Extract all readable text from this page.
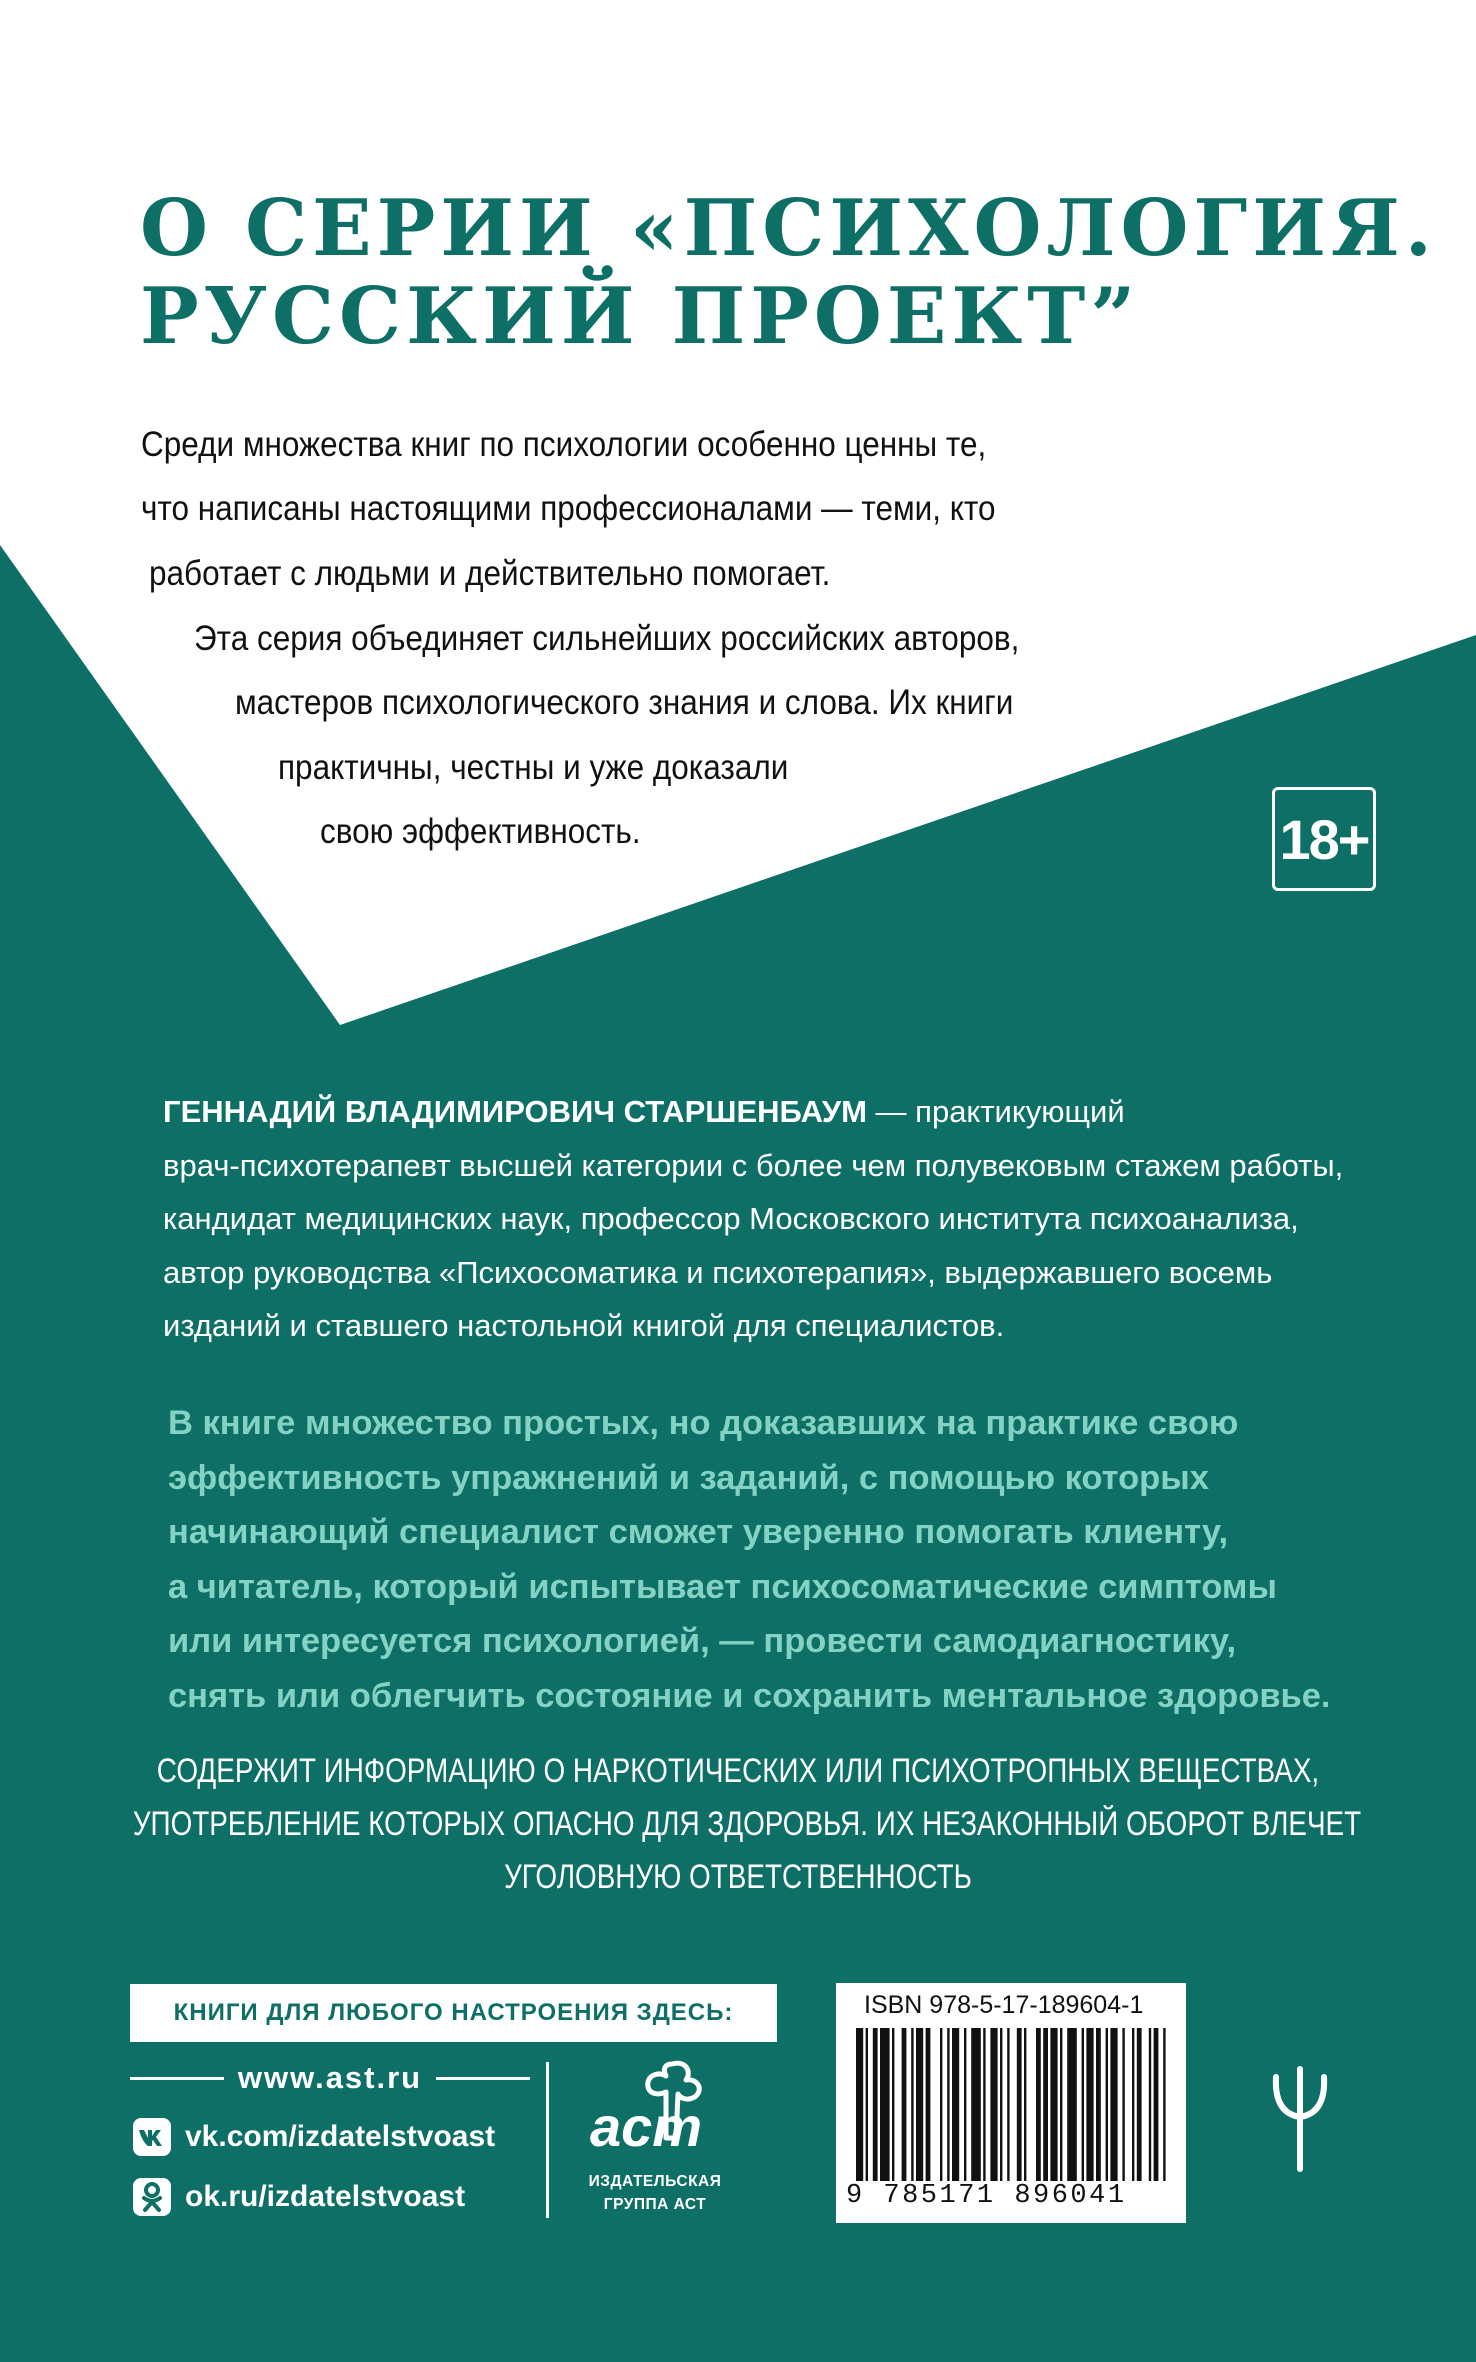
О СЕРИИ «ПСИХОЛОГИЯ.
РУССКИЙ ПРОЕКТ”

Среди множества книг по психологии особенно ценны те,

что написаны настоящими профессионалами — теми, кто

работает с людьми и действительно помогает.

Эта серия объединяет сильнейших российских авторов,

мастеров психологического знания и слова. Их книги

практичны, честны и уже доказали

свою эффективность.	18+

ГЕННАДИЙ ВЛАДИМИРОВИЧ СТАРШЕНБАУМ — практикующий

врач-психотерапевт высшей категории с более чем полувековым стажем работы,

кандидат медицинских наук, профессор Московского института психоанализа,

автор руководства «Психосоматика и психотерапия», выдержавшего восемь

изданий и ставшего настольной книгой для специалистов.

В книге множество простых, но доказавших на практике свою

эффективность упражнений и заданий, с помощью которых

начинающий специалист сможет уверенно помогать клиенту,

а читатель, который испытывает психосоматические симптомы

или интересуется психологией, — провести самодиагностику,

снять или облегчить состояние и сохранить ментальное здоровье.

СОДЕРЖИТ ИНФОРМАЦИЮ О НАРКОТИЧЕСКИХ ИЛИ ПСИХОТРОПНЫХ ВЕЩЕСТВАХ,

УПОТРЕБЛЕНИЕ КОТОРЫХ ОПАСНО ДЛЯ ЗДОРОВЬЯ. ИХ НЕЗАКОННЫЙ ОБОРОТ ВЛЕЧЕТ

УГОЛОВНУЮ ОТВЕТСТВЕННОСТЬ

КНИГИ ДЛЯ ЛЮБОГО НАСТРОЕНИЯ ЗДЕСЬ:
www.ast.ru
vk.com/izdatelstvoast
ok.ru/izdatelstvoast
аст
ИЗДАТЕЛЬСКАЯ
ГРУППА АСТ
ISBN 978-5-17-189604-1
9 785171 896041
